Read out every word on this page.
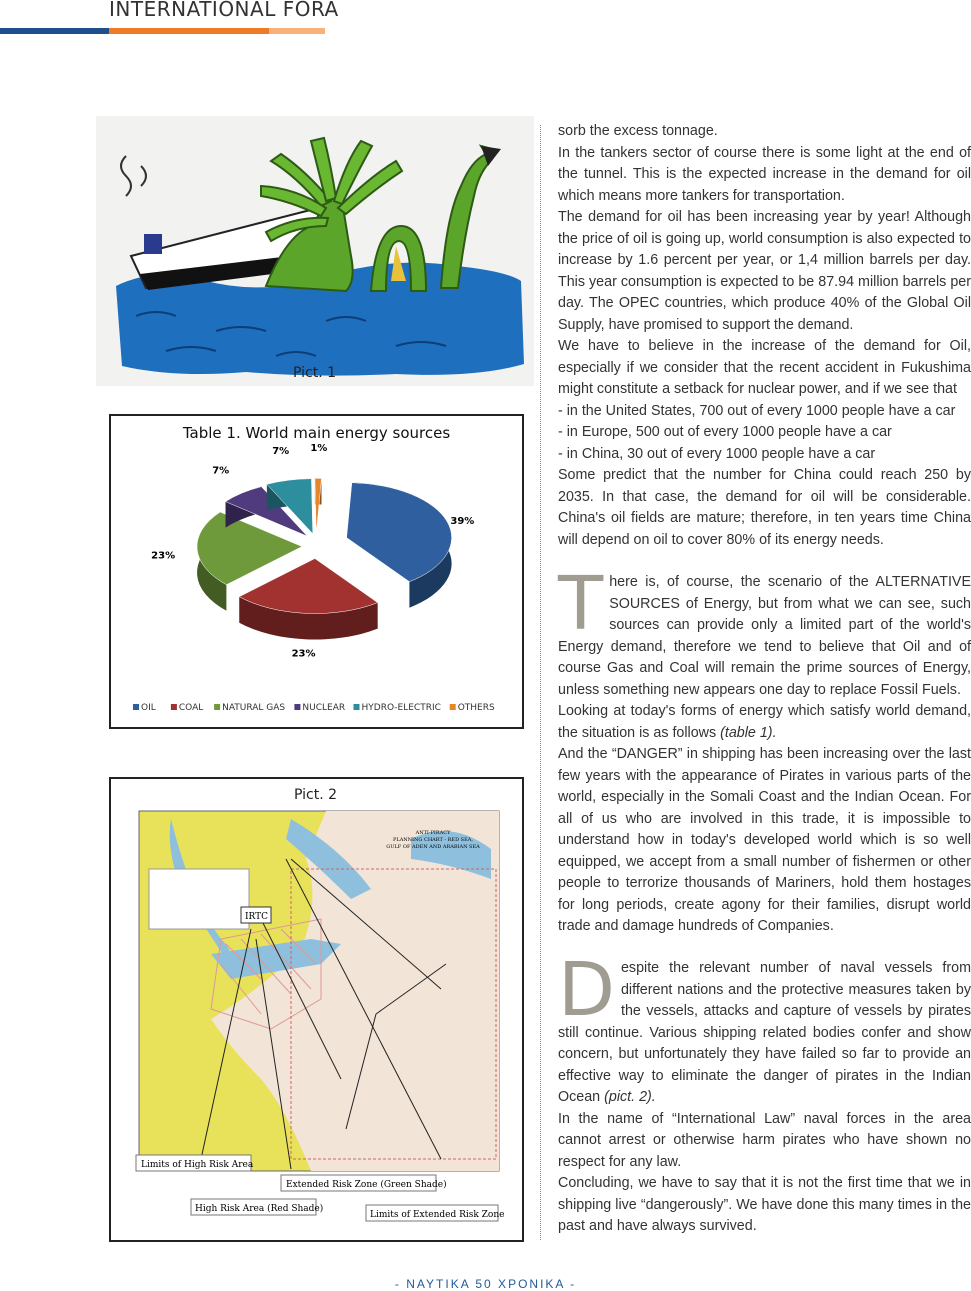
INTERNATIONAL FORA
Pict. 1
Table 1. World main energy sources
39%
23%
23%
7%
7% 1%
OIL	COAL NATURAL GAS NUCLEAR HYDRO-ELECTRIC OTHERS
Pict. 2
IRTC
ANTI-PIRACY
PLANNING CHART - RED SEA,
GULF OF ADEN AND ARABIAN SEA
Limits of High Risk Area
Extended Risk Zone (Green Shade)
High Risk Area (Red Shade)
Limits of Extended Risk Zone

sorb the excess tonnage.

In the tankers sector of course there is some light at the end of the tunnel. This is the expected increase in the demand for oil which means more tankers for transportation.

The demand for oil has been increasing year by year! Although the price of oil is going up, world consumption is also expected to increase by 1.6 percent per year, or 1,4 million barrels per day. This year consumption is expected to be 87.94 million barrels per day. The OPEC countries, which produce 40% of the Global Oil Supply, have promised to support the demand.

We have to believe in the increase of the demand for Oil, especially if we consider that the recent accident in Fukushima might constitute a setback for nuclear power, and if we see that

- in the United States, 700 out of every 1000 people have a car

- in Europe, 500 out of every 1000 people have a car

- in China, 30 out of every 1000 people have a car

Some predict that the number for China could reach 250 by 2035. In that case, the demand for oil will be considerable. China's oil fields are mature; therefore, in ten years time China will depend on oil to cover 80% of its energy needs.

There is, of course, the scenario of the ALTERNATIVE SOURCES of Energy, but from what we can see, such sources can provide only a limited part of the world's Energy demand, therefore we tend to believe that Oil and of course Gas and Coal will remain the prime sources of Energy, unless something new appears one day to replace Fossil Fuels.

Looking at today's forms of energy which satisfy world demand, the situation is as follows (table 1).

And the “DANGER” in shipping has been increasing over the last few years with the appearance of Pirates in various parts of the world, especially in the Somali Coast and the Indian Ocean. For all of us who are involved in this trade, it is impossible to understand how in today's developed world which is so well equipped, we accept from a small number of fishermen or other people to terrorize thousands of Mariners, hold them hostages for long periods, create agony for their families, disrupt world trade and damage hundreds of Companies.

Despite the relevant number of naval vessels from different nations and the protective measures taken by the vessels, attacks and capture of vessels by pirates still continue. Various shipping related bodies confer and show concern, but unfortunately they have failed so far to provide an effective way to eliminate the danger of pirates in the Indian Ocean (pict. 2).

In the name of “International Law” naval forces in the area cannot arrest or otherwise harm pirates who have shown no respect for any law.

Concluding, we have to say that it is not the first time that we in shipping live “dangerously”. We have done this many times in the past and have always survived.

- ΝΑΥΤΙΚΑ 50 ΧΡΟΝΙΚΑ -
